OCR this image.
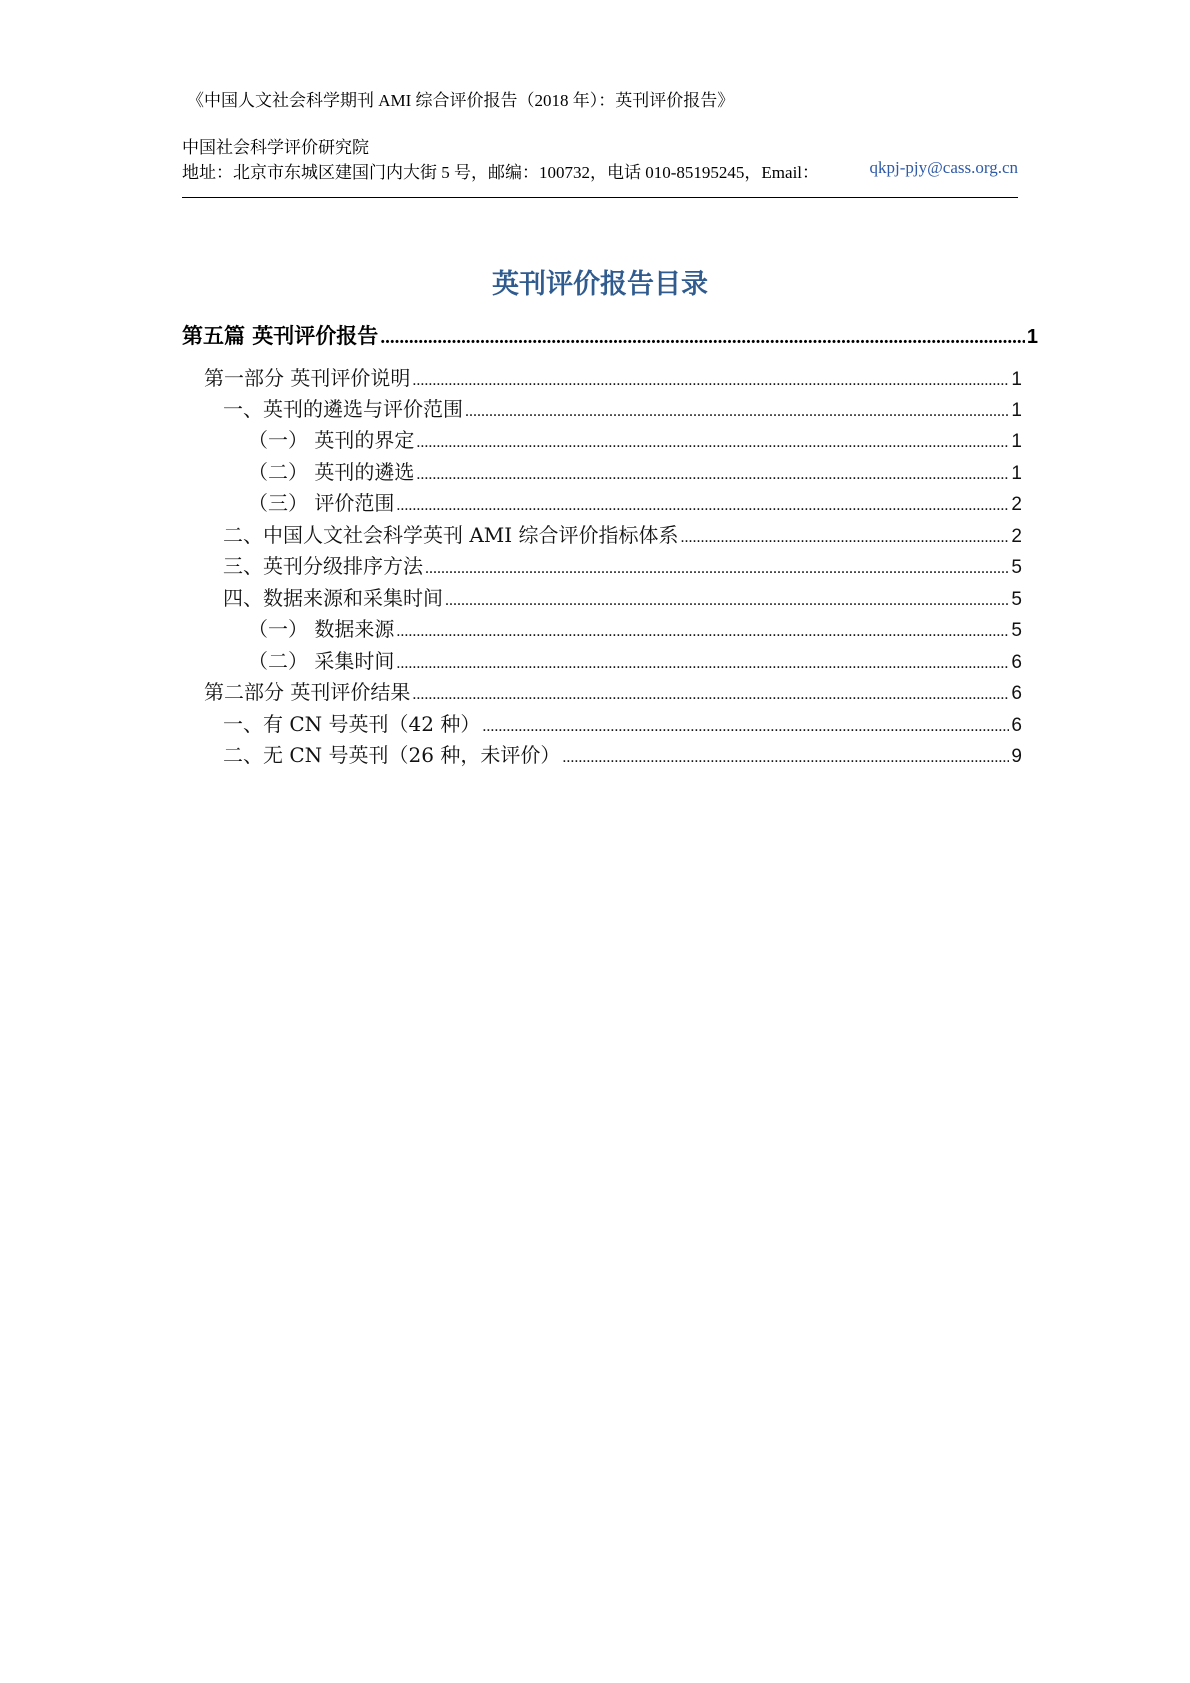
《中国人文社会科学期刊 AMI 综合评价报告（2018 年）：英刊评价报告》
中国社会科学评价研究院
地址：北京市东城区建国门内大街 5 号，邮编：100732，电话 010-85195245，Email：	qkpj-pjy@cass.org.cn
英刊评价报告目录
第五篇 英刊评价报告 .....	1
第一部分 英刊评价说明 .....	1
一、英刊的遴选与评价范围 .....	1
（一） 英刊的界定 .....	1
（二） 英刊的遴选 .....	1
（三） 评价范围 .....	2
二、中国人文社会科学英刊 AMI 综合评价指标体系 .....	2
三、英刊分级排序方法 .....	5
四、数据来源和采集时间 .....	5
（一） 数据来源 .....	5
（二） 采集时间 .....	6
第二部分 英刊评价结果 .....	6
一、有 CN 号英刊（42 种） .....	6
二、无 CN 号英刊（26 种，未评价） .....	9
